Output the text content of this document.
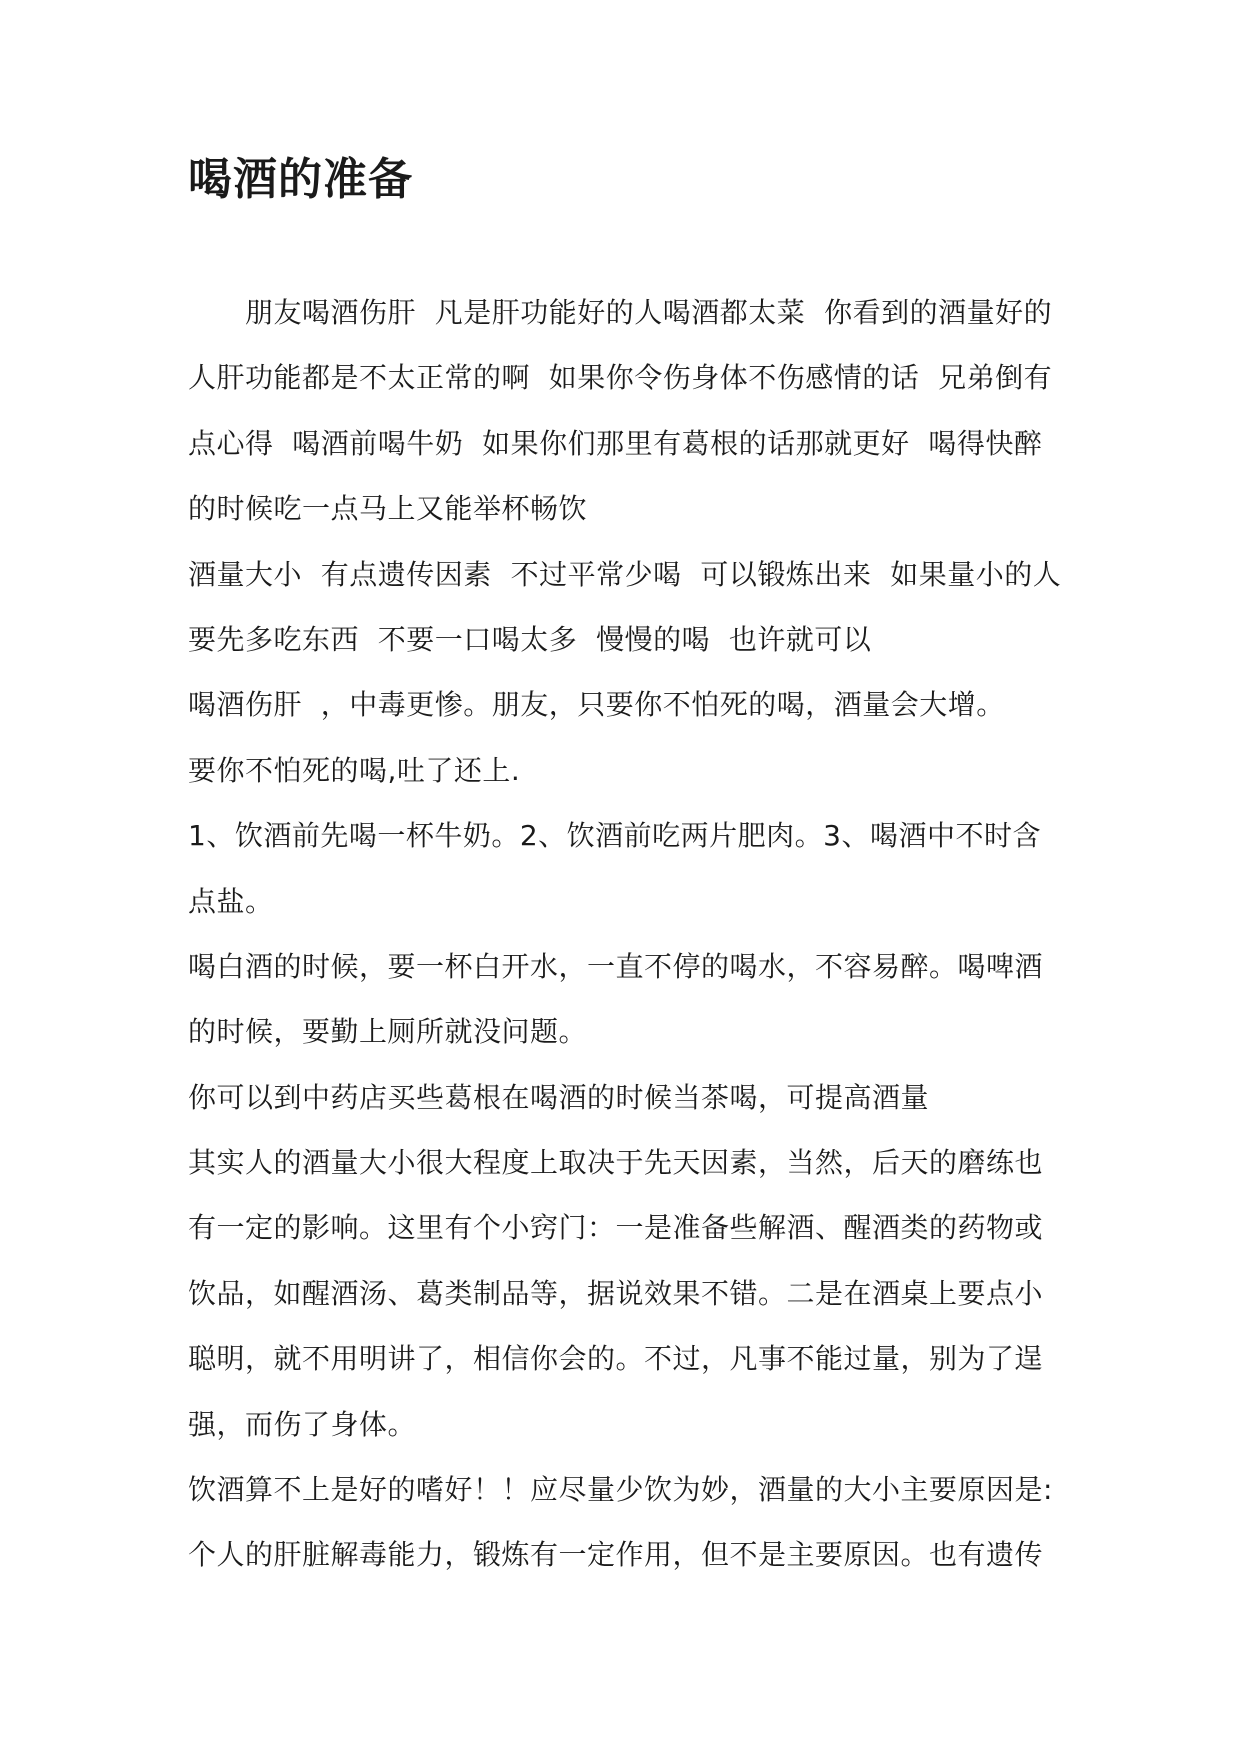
喝酒的准备
朋友喝酒伤肝  凡是肝功能好的人喝酒都太菜  你看到的酒量好的
人肝功能都是不太正常的啊  如果你令伤身体不伤感情的话  兄弟倒有
点心得  喝酒前喝牛奶  如果你们那里有葛根的话那就更好  喝得快醉
的时候吃一点马上又能举杯畅饮
酒量大小  有点遗传因素  不过平常少喝  可以锻炼出来  如果量小的人
要先多吃东西  不要一口喝太多  慢慢的喝  也许就可以
喝酒伤肝  ，中毒更惨。朋友，只要你不怕死的喝，酒量会大增。
要你不怕死的喝,吐了还上.
1、饮酒前先喝一杯牛奶。2、饮酒前吃两片肥肉。3、喝酒中不时含
点盐。
喝白酒的时候，要一杯白开水，一直不停的喝水，不容易醉。喝啤酒
的时候，要勤上厕所就没问题。
你可以到中药店买些葛根在喝酒的时候当茶喝，可提高酒量
其实人的酒量大小很大程度上取决于先天因素，当然，后天的磨练也
有一定的影响。这里有个小窍门：一是准备些解酒、醒酒类的药物或
饮品，如醒酒汤、葛类制品等，据说效果不错。二是在酒桌上要点小
聪明，就不用明讲了，相信你会的。不过，凡事不能过量，别为了逞
强，而伤了身体。
饮酒算不上是好的嗜好！！应尽量少饮为妙，酒量的大小主要原因是:
个人的肝脏解毒能力，锻炼有一定作用，但不是主要原因。也有遗传
